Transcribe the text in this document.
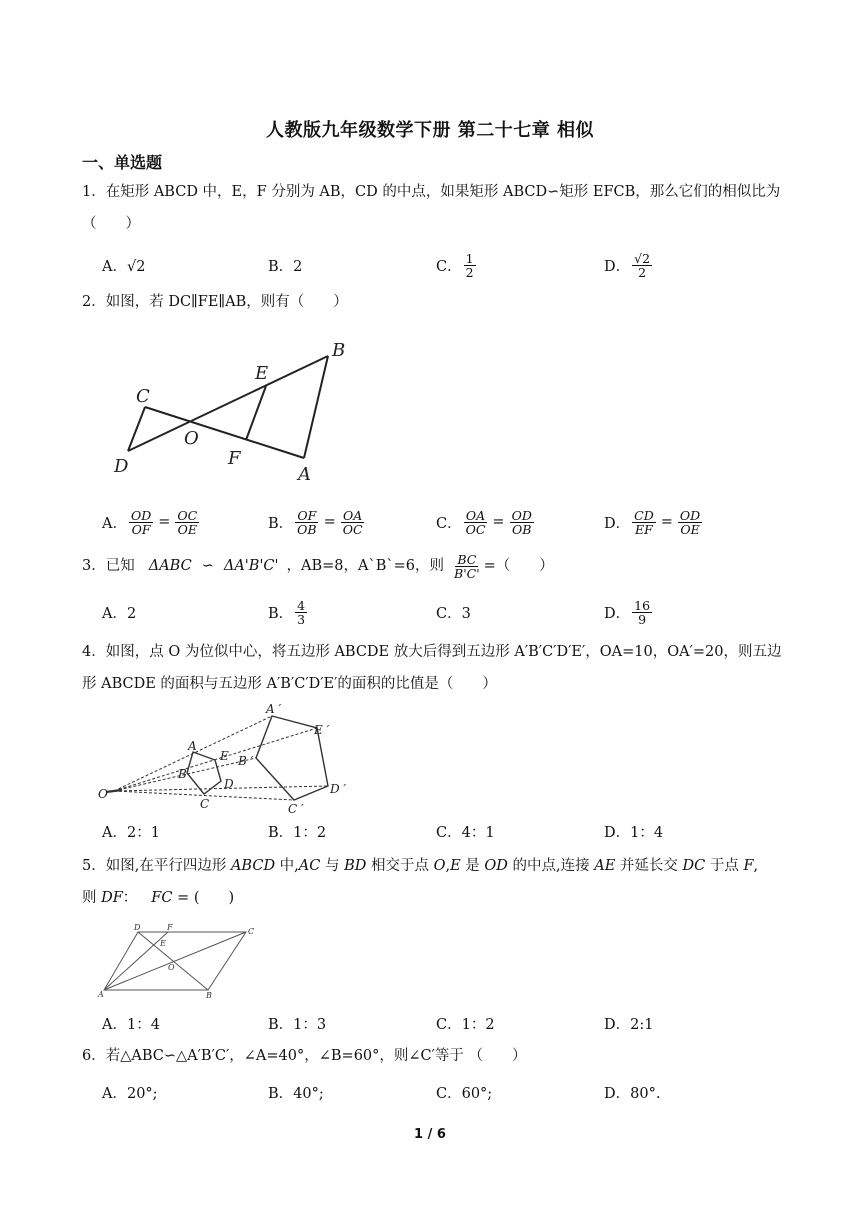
人教版九年级数学下册 第二十七章 相似
一、单选题
1．在矩形 ABCD 中，E，F 分别为 AB，CD 的中点，如果矩形 ABCD∽矩形 EFCB，那么它们的相似比为（　　）
A．√2	B．2	C． $\frac{1}{2}$	D． $\frac{√2}{2}$
2．如图，若 DC∥FE∥AB，则有（　　）
B
E
C
O
F
D	A
A． $\frac{OD}{OF} = \frac{OC}{OE}$	B． $\frac{OF}{OB} = \frac{OA}{OC}$	C． $\frac{OA}{OC} = \frac{OD}{OB}$	D． $\frac{CD}{EF} = \frac{OD}{OE}$
3．已知 ΔABC ∽ ΔA'B'C' ，AB=8，A`B`=6，则 $\frac{BC}{B'C'}$ =（　　）
A．2	B． $\frac{4}{3}$	C．3	D． $\frac{16}{9}$
4．如图，点 O 为位似中心，将五边形 ABCDE 放大后得到五边形 A′B′C′D′E′，OA=10，OA′=20，则五边形 ABCDE 的面积与五边形 A′B′C′D′E′的面积的比值是（　　）
A ′
E ′
B ′
D ′
C ′
A
E
B
D
C
O
A．2：1	B．1：2	C．4：1	D．1：4
5．如图,在平行四边形 ABCD 中,AC 与 BD 相交于点 O,E 是 OD 的中点,连接 AE 并延长交 DC 于点 F,
则 DF： FC = (　　)
D	F	C
E
O
A	B
A．1：4	B．1：3	C．1：2	D．2:1
6．若△ABC∽△A′B′C′，∠A=40°，∠B=60°，则∠C′等于 （　　）
A．20°;	B．40°;	C．60°;	D．80°.
1 / 6
